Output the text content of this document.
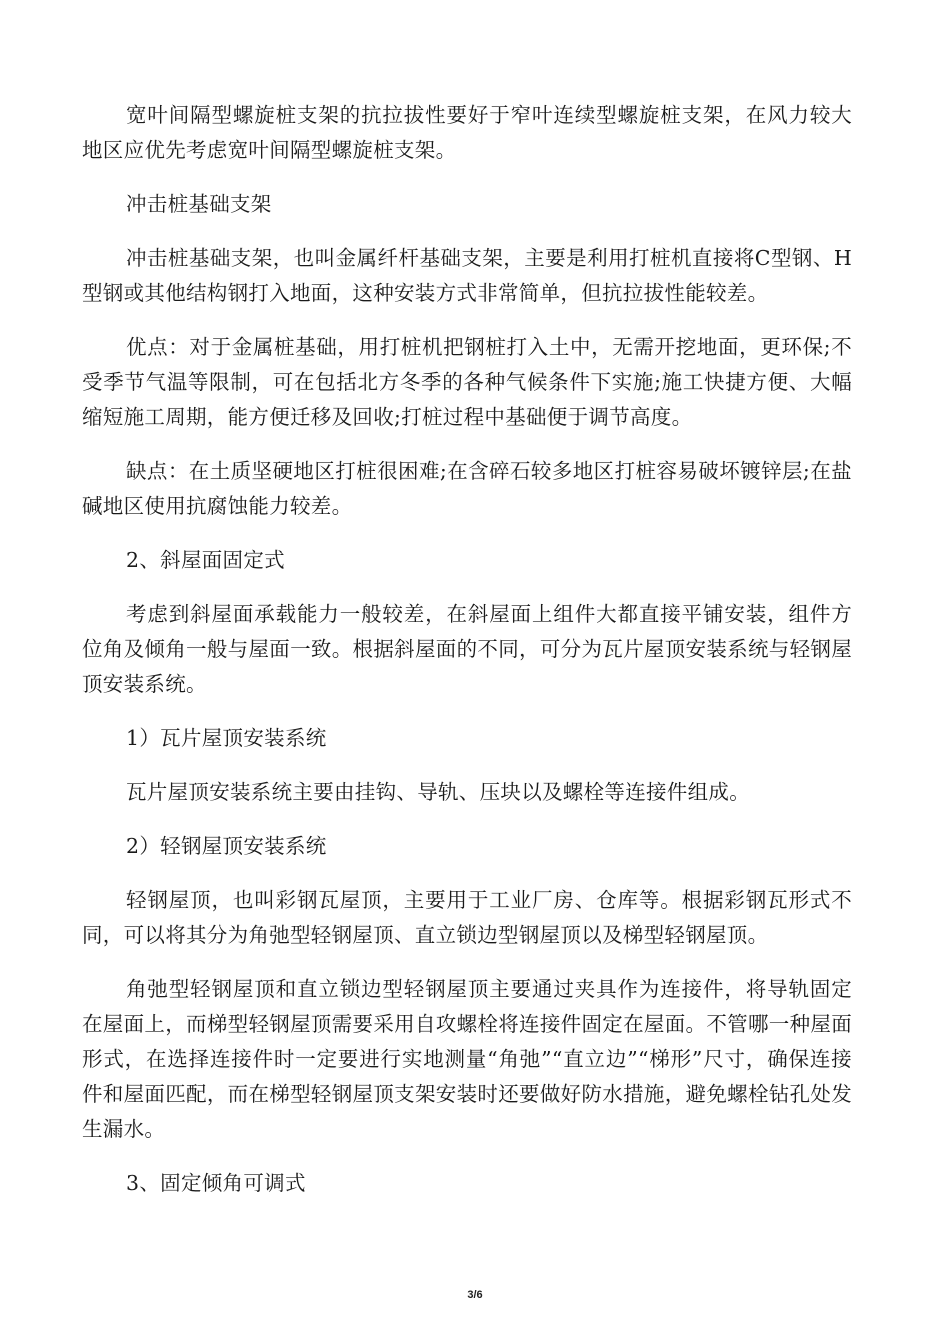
宽叶间隔型螺旋桩支架的抗拉拔性要好于窄叶连续型螺旋桩支架，在风力较大地区应优先考虑宽叶间隔型螺旋桩支架。

冲击桩基础支架

冲击桩基础支架，也叫金属纤杆基础支架，主要是利用打桩机直接将C型钢、H型钢或其他结构钢打入地面，这种安装方式非常简单，但抗拉拔性能较差。

优点：对于金属桩基础，用打桩机把钢桩打入土中，无需开挖地面，更环保;不受季节气温等限制，可在包括北方冬季的各种气候条件下实施;施工快捷方便、大幅缩短施工周期，能方便迁移及回收;打桩过程中基础便于调节高度。

缺点：在土质坚硬地区打桩很困难;在含碎石较多地区打桩容易破坏镀锌层;在盐碱地区使用抗腐蚀能力较差。

2、斜屋面固定式

考虑到斜屋面承载能力一般较差，在斜屋面上组件大都直接平铺安装，组件方位角及倾角一般与屋面一致。根据斜屋面的不同，可分为瓦片屋顶安装系统与轻钢屋顶安装系统。

1）瓦片屋顶安装系统

瓦片屋顶安装系统主要由挂钩、导轨、压块以及螺栓等连接件组成。

2）轻钢屋顶安装系统

轻钢屋顶，也叫彩钢瓦屋顶，主要用于工业厂房、仓库等。根据彩钢瓦形式不同，可以将其分为角弛型轻钢屋顶、直立锁边型钢屋顶以及梯型轻钢屋顶。

角弛型轻钢屋顶和直立锁边型轻钢屋顶主要通过夹具作为连接件，将导轨固定在屋面上，而梯型轻钢屋顶需要采用自攻螺栓将连接件固定在屋面。不管哪一种屋面形式，在选择连接件时一定要进行实地测量“角弛”“直立边”“梯形”尺寸，确保连接件和屋面匹配，而在梯型轻钢屋顶支架安装时还要做好防水措施，避免螺栓钻孔处发生漏水。

3、固定倾角可调式

3/6
